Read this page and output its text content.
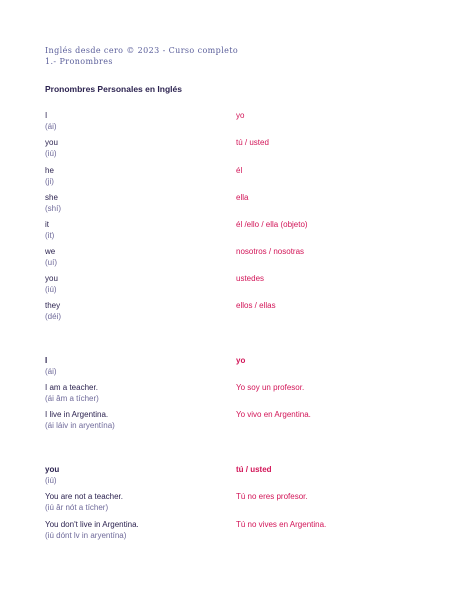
Inglés desde cero © 2023 - Curso completo
1.- Pronombres
Pronombres Personales en Inglés
I
(ái)
yo
you
(iú)
tú / usted
he
(ji)
él
she
(shí)
ella
it
(it)
él /ello / ella (objeto)
we
(uí)
nosotros / nosotras
you
(iú)
ustedes
they
(déi)
ellos / ellas
I
(ái)
yo
I am a teacher.
(ái âm a tícher)
Yo soy un profesor.
I live in Argentina.
(ái láiv in aryentína)
Yo vivo en Argentina.
you
(iú)
tú / usted
You are not a teacher.
(iú âr nót a tícher)
Tú no eres profesor.
You don't live in Argentina.
(iú dónt lv in aryentína)
Tú no vives en Argentina.
